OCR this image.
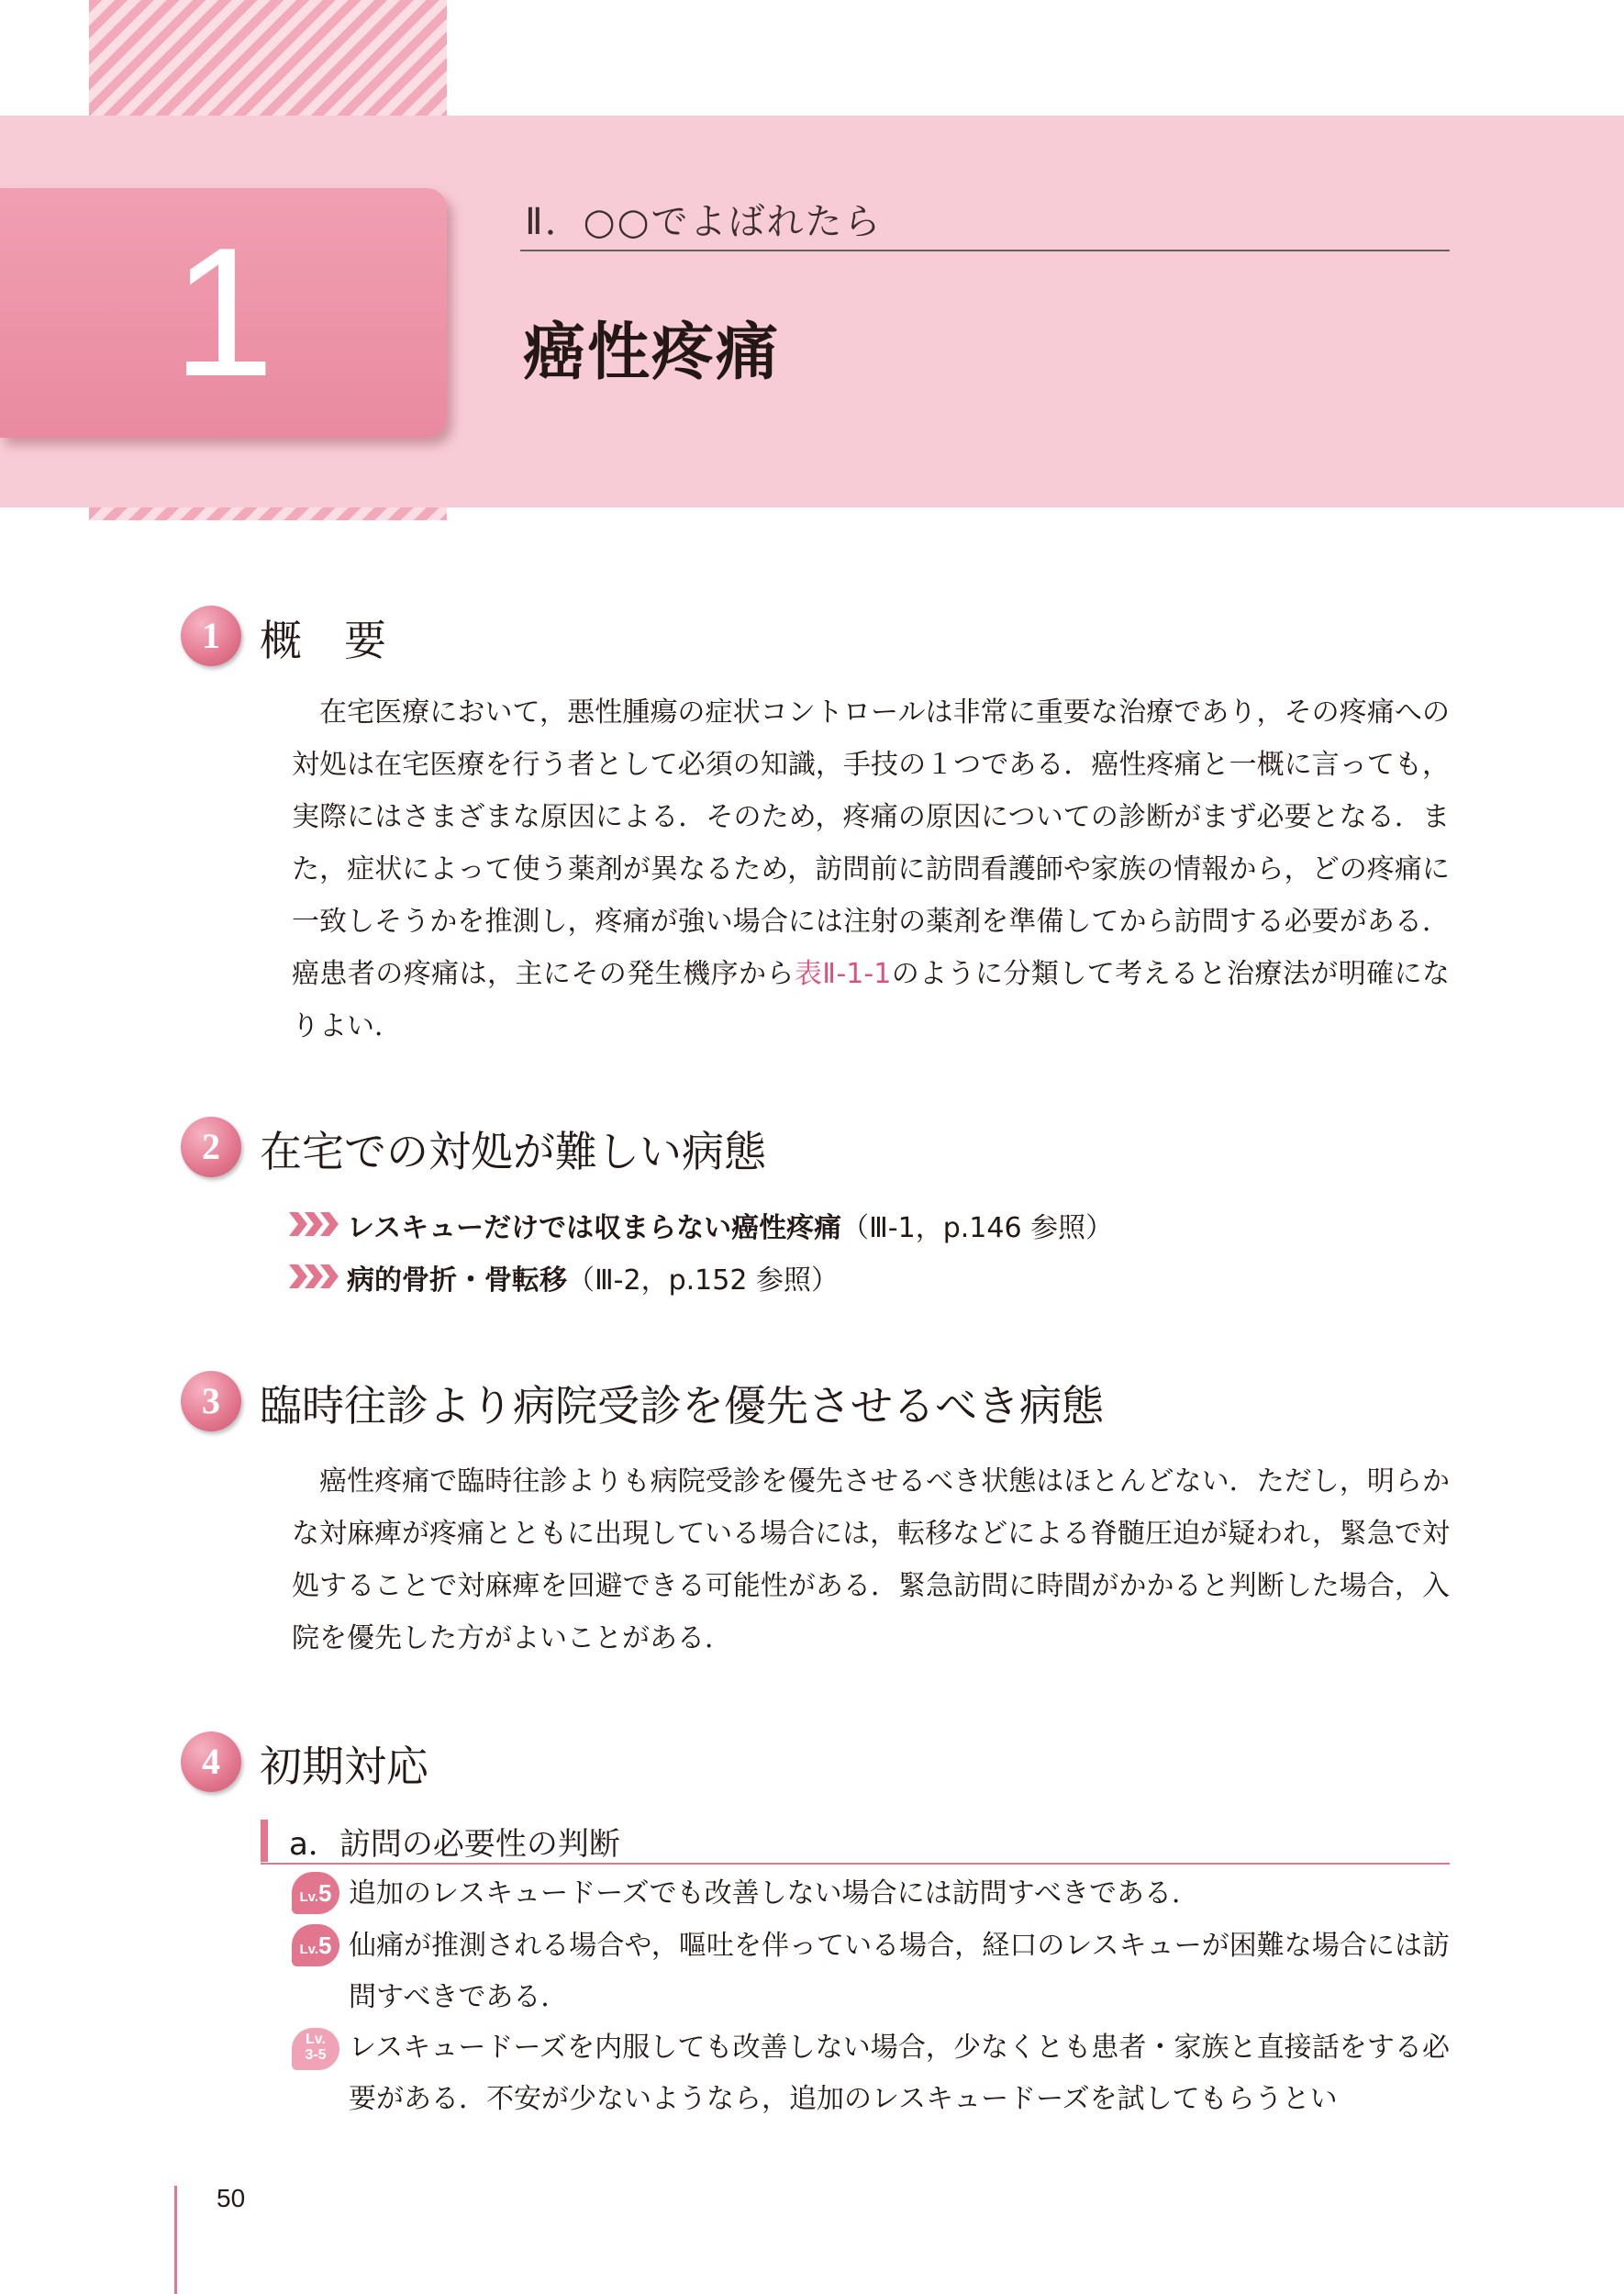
1	Ⅱ．○○でよばれたら
癌性疼痛
1 概　要
在宅医療において，悪性腫瘍の症状コントロールは非常に重要な治療であり，その疼痛への対処は在宅医療を行う者として必須の知識，手技の１つである．癌性疼痛と一概に言っても，実際にはさまざまな原因による．そのため，疼痛の原因についての診断がまず必要となる．また，症状によって使う薬剤が異なるため，訪問前に訪問看護師や家族の情報から，どの疼痛に一致しそうかを推測し，疼痛が強い場合には注射の薬剤を準備してから訪問する必要がある．癌患者の疼痛は，主にその発生機序から表Ⅱ-1-1のように分類して考えると治療法が明確になりよい．
2 在宅での対処が難しい病態
レスキューだけでは収まらない癌性疼痛（Ⅲ-1，p.146 参照）
病的骨折・骨転移（Ⅲ-2，p.152 参照）
3 臨時往診より病院受診を優先させるべき病態
癌性疼痛で臨時往診よりも病院受診を優先させるべき状態はほとんどない．ただし，明らかな対麻痺が疼痛とともに出現している場合には，転移などによる脊髄圧迫が疑われ，緊急で対処することで対麻痺を回避できる可能性がある．緊急訪問に時間がかかると判断した場合，入院を優先した方がよいことがある．
4 初期対応
a．訪問の必要性の判断
Lv.5 追加のレスキュードーズでも改善しない場合には訪問すべきである．
Lv.5 仙痛が推測される場合や，嘔吐を伴っている場合，経口のレスキューが困難な場合には訪問すべきである．
Lv.
3-5 レスキュードーズを内服しても改善しない場合，少なくとも患者・家族と直接話をする必要がある．不安が少ないようなら，追加のレスキュードーズを試してもらうとい
50
